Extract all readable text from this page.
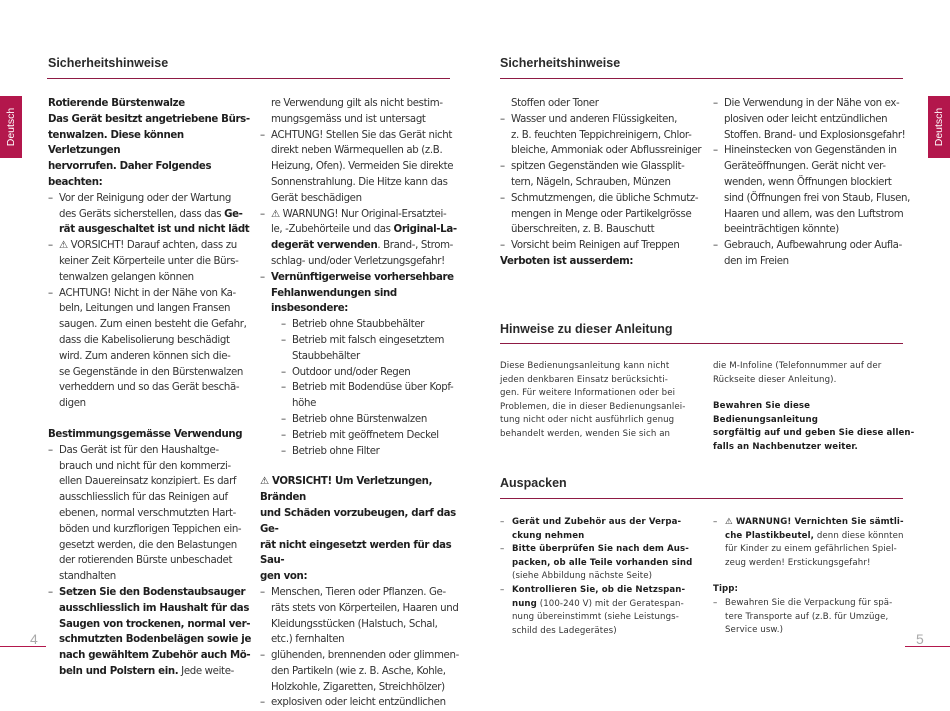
Sicherheitshinweise
Deutsch

Rotierende Bürstenwalze

Das Gerät besitzt angetriebene Bürs-

tenwalzen. Diese können Verletzungen

hervorrufen. Daher Folgendes beachten:

– Vor der Reinigung oder der Wartung
des Geräts sicherstellen, dass das Ge-
rät ausgeschaltet ist und nicht lädt
– ⚠ VORSICHT! Darauf achten, dass zu
keiner Zeit Körperteile unter die Bürs-
tenwalzen gelangen können
– ACHTUNG! Nicht in der Nähe von Ka-
beln, Leitungen und langen Fransen
saugen. Zum einen besteht die Gefahr,
dass die Kabelisolierung beschädigt
wird. Zum anderen können sich die-
se Gegenstände in den Bürstenwalzen
verheddern und so das Gerät beschä-
digen

Bestimmungsgemässe Verwendung

– Das Gerät ist für den Haushaltge-
brauch und nicht für den kommerzi-
ellen Dauereinsatz konzipiert. Es darf
ausschliesslich für das Reinigen auf
ebenen, normal verschmutzten Hart-
böden und kurzflorigen Teppichen ein-
gesetzt werden, die den Belastungen
der rotierenden Bürste unbeschadet
standhalten
– Setzen Sie den Bodenstaubsauger
ausschliesslich im Haushalt für das
Saugen von trockenen, normal ver-
schmutzten Bodenbelägen sowie je
nach gewähltem Zubehör auch Mö-
beln und Polstern ein. Jede weite-

re Verwendung gilt als nicht bestim-

mungsgemäss und ist untersagt

– ACHTUNG! Stellen Sie das Gerät nicht
direkt neben Wärmequellen ab (z.B.
Heizung, Ofen). Vermeiden Sie direkte
Sonnenstrahlung. Die Hitze kann das
Gerät beschädigen
– ⚠ WARNUNG! Nur Original-Ersatztei-
le, -Zubehörteile und das Original-La-
degerät verwenden. Brand-, Strom-
schlag- und/oder Verletzungsgefahr!
– Vernünftigerweise vorhersehbare
Fehlanwendungen sind insbesondere:
– Betrieb ohne Staubbehälter
– Betrieb mit falsch eingesetztem
Staubbehälter
– Outdoor und/oder Regen
– Betrieb mit Bodendüse über Kopf-
höhe
– Betrieb ohne Bürstenwalzen
– Betrieb mit geöffnetem Deckel
– Betrieb ohne Filter

⚠ VORSICHT! Um Verletzungen, Bränden

und Schäden vorzubeugen, darf das Ge-

rät nicht eingesetzt werden für das Sau-

gen von:

– Menschen, Tieren oder Pflanzen. Ge-
räts stets von Körperteilen, Haaren und
Kleidungsstücken (Halstuch, Schal,
etc.) fernhalten
– glühenden, brennenden oder glimmen-
den Partikeln (wie z. B. Asche, Kohle,
Holzkohle, Zigaretten, Streichhölzer)
– explosiven oder leicht entzündlichen
4
Sicherheitshinweise
Deutsch

Stoffen oder Toner

– Wasser und anderen Flüssigkeiten,
z. B. feuchten Teppichreinigern, Chlor-
bleiche, Ammoniak oder Abflussreiniger
– spitzen Gegenständen wie Glassplit-
tern, Nägeln, Schrauben, Münzen
– Schmutzmengen, die übliche Schmutz-
mengen in Menge oder Partikelgrösse
überschreiten, z. B. Bauschutt
– Vorsicht beim Reinigen auf Treppen

Verboten ist ausserdem:

– Die Verwendung in der Nähe von ex-
plosiven oder leicht entzündlichen
Stoffen. Brand- und Explosionsgefahr!
– Hineinstecken von Gegenständen in
Geräteöffnungen. Gerät nicht ver-
wenden, wenn Öffnungen blockiert
sind (Öffnungen frei von Staub, Flusen,
Haaren und allem, was den Luftstrom
beeinträchtigen könnte)
– Gebrauch, Aufbewahrung oder Aufla-
den im Freien
Hinweise zu dieser Anleitung

Diese Bedienungsanleitung kann nicht

jeden denkbaren Einsatz berücksichti-

gen. Für weitere Informationen oder bei

Problemen, die in dieser Bedienungsanlei-

tung nicht oder nicht ausführlich genug

behandelt werden, wenden Sie sich an

die M-Infoline (Telefonnummer auf der

Rückseite dieser Anleitung).

Bewahren Sie diese Bedienungsanleitung

sorgfältig auf und geben Sie diese allen-

falls an Nachbenutzer weiter.

Auspacken
– Gerät und Zubehör aus der Verpa-
ckung nehmen
– Bitte überprüfen Sie nach dem Aus-
packen, ob alle Teile vorhanden sind
(siehe Abbildung nächste Seite)
– Kontrollieren Sie, ob die Netzspan-
nung (100-240 V) mit der Geratespan-
nung übereinstimmt (siehe Leistungs-
schild des Ladegerätes)
– ⚠ WARNUNG! Vernichten Sie sämtli-
che Plastikbeutel, denn diese könnten
für Kinder zu einem gefährlichen Spiel-
zeug werden! Erstickungsgefahr!

Tipp:

– Bewahren Sie die Verpackung für spä-
tere Transporte auf (z.B. für Umzüge,
Service usw.)
5
